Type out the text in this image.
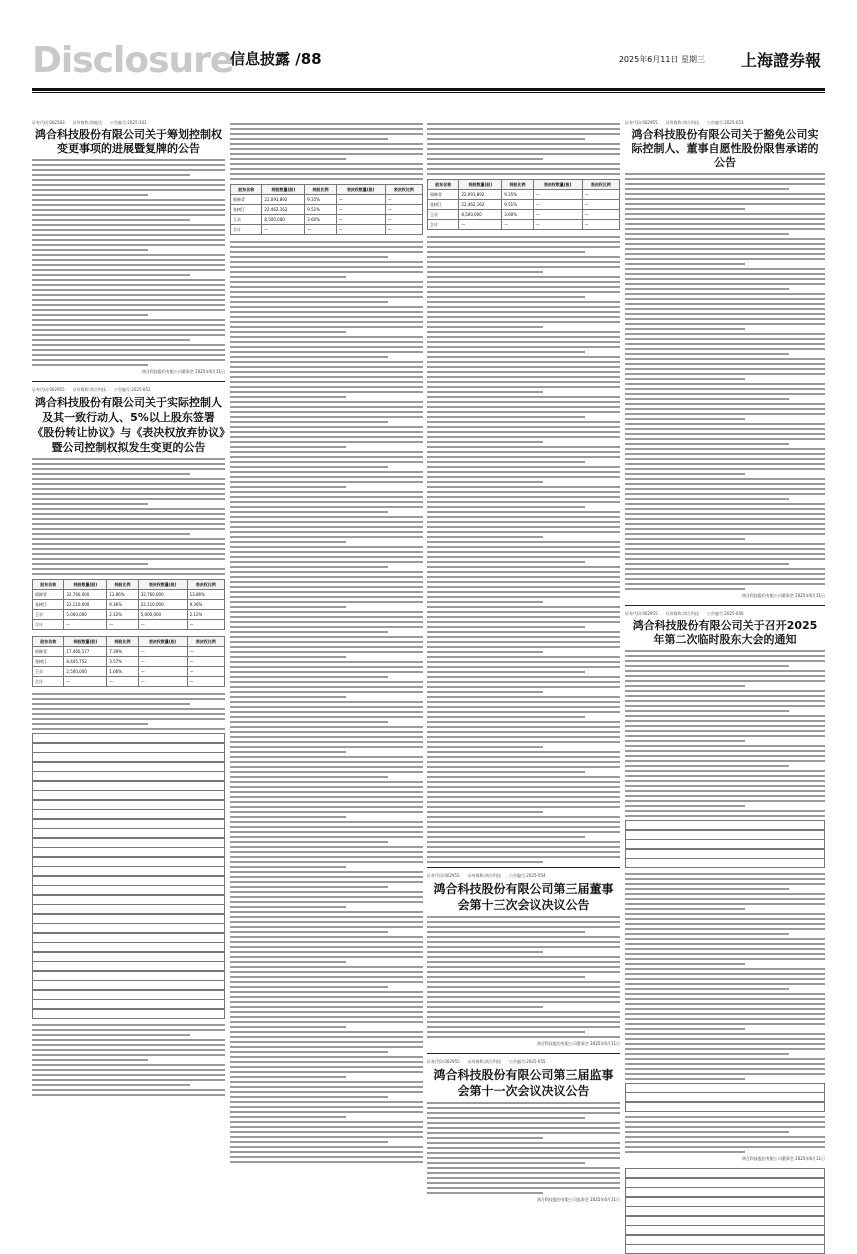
Disclosure
信息披露 /88	2025年6月11日 星期三 上海證券報
证券代码:002583　　证券简称:海能达　　公告编号:2025-101
鸿合科技股份有限公司关于筹划控制权变更事项的进展暨复牌的公告
鸿合科技股份有限公司董事会 2025年6月11日
证券代码:002955　　证券简称:鸿合科技　　公告编号:2025-052
鸿合科技股份有限公司关于实际控制人及其一致行动人、5%以上股东签署《股份转让协议》与《表决权放弃协议》暨公司控制权拟发生变更的公告
股东名称	持股数量(股)	持股比例	表决权数量(股)	表决权比例
邢修青	32,760,000	13.86%	32,760,000	13.86%
张树江	22,110,000	9.36%	22,110,000	9.36%
王京	5,000,000	2.12%	5,000,000	2.12%
合计	—	—	—	—
股东名称	持股数量(股)	持股比例	表决权数量(股)	表决权比例
邢修青	17,460,177	7.39%	—	—
张树江	8,445,752	3.57%	—	—
王京	2,500,000	1.06%	—	—
合计	—	—	—	—
股东名称	持股数量(股)	持股比例	表决权数量(股)	表决权比例
邢修青	22,091,892	9.35%	—	—
张树江	22,462,162	9.51%	—	—
王京	8,500,000	3.60%	—	—
合计	—	—	—	—
股东名称	持股数量(股)	持股比例	表决权数量(股)	表决权比例
邢修青	22,091,892	9.35%	—	—
张树江	22,462,162	9.51%	—	—
王京	8,500,000	3.60%	—	—
合计	—	—	—	—
证券代码:002955　　证券简称:鸿合科技　　公告编号:2025-054
鸿合科技股份有限公司第三届董事会第十三次会议决议公告
鸿合科技股份有限公司董事会 2025年6月11日
证券代码:002955　　证券简称:鸿合科技　　公告编号:2025-055
鸿合科技股份有限公司第三届监事会第十一次会议决议公告
鸿合科技股份有限公司监事会 2025年6月11日
证券代码:002955　　证券简称:鸿合科技　　公告编号:2025-053
鸿合科技股份有限公司关于豁免公司实际控制人、董事自愿性股份限售承诺的公告
鸿合科技股份有限公司董事会 2025年6月11日
证券代码:002955　　证券简称:鸿合科技　　公告编号:2025-056
鸿合科技股份有限公司关于召开2025年第二次临时股东大会的通知
鸿合科技股份有限公司董事会 2025年6月11日
